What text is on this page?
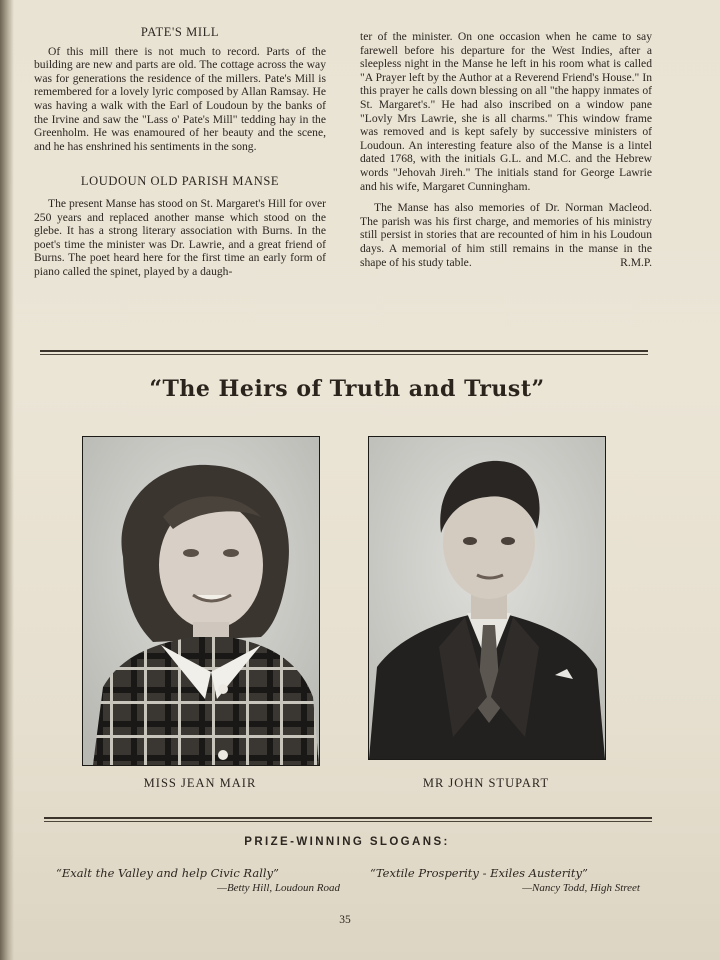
PATE'S MILL

Of this mill there is not much to record. Parts of the building are new and parts are old. The cottage across the way was for generations the residence of the millers. Pate's Mill is remembered for a lovely lyric composed by Allan Ramsay. He was having a walk with the Earl of Loudoun by the banks of the Irvine and saw the "Lass o' Pate's Mill" tedding hay in the Greenholm. He was enamoured of her beauty and the scene, and he has enshrined his sentiments in the song.

LOUDOUN OLD PARISH MANSE

The present Manse has stood on St. Margaret's Hill for over 250 years and replaced another manse which stood on the glebe. It has a strong literary association with Burns. In the poet's time the minister was Dr. Lawrie, and a great friend of Burns. The poet heard here for the first time an early form of piano called the spinet, played by a daugh-

ter of the minister. On one occasion when he came to say farewell before his departure for the West Indies, after a sleepless night in the Manse he left in his room what is called "A Prayer left by the Author at a Reverend Friend's House." In this prayer he calls down blessing on all "the happy inmates of St. Margaret's." He had also inscribed on a window pane "Lovly Mrs Lawrie, she is all charms." This window frame was removed and is kept safely by successive ministers of Loudoun. An interesting feature also of the Manse is a lintel dated 1768, with the initials G.L. and M.C. and the Hebrew words "Jehovah Jireh." The initials stand for George Lawrie and his wife, Margaret Cunningham.

The Manse has also memories of Dr. Norman Macleod. The parish was his first charge, and memories of his ministry still persist in stories that are recounted of him in his Loudoun days. A memorial of him still remains in the manse in the shape of his study table.	R.M.P.

“The Heirs of Truth and Trust”
MISS JEAN MAIR	MR JOHN STUPART
PRIZE-WINNING SLOGANS:
“Exalt the Valley and help Civic Rally”
—Betty Hill, Loudoun Road
“Textile Prosperity - Exiles Austerity”
—Nancy Todd, High Street
35
